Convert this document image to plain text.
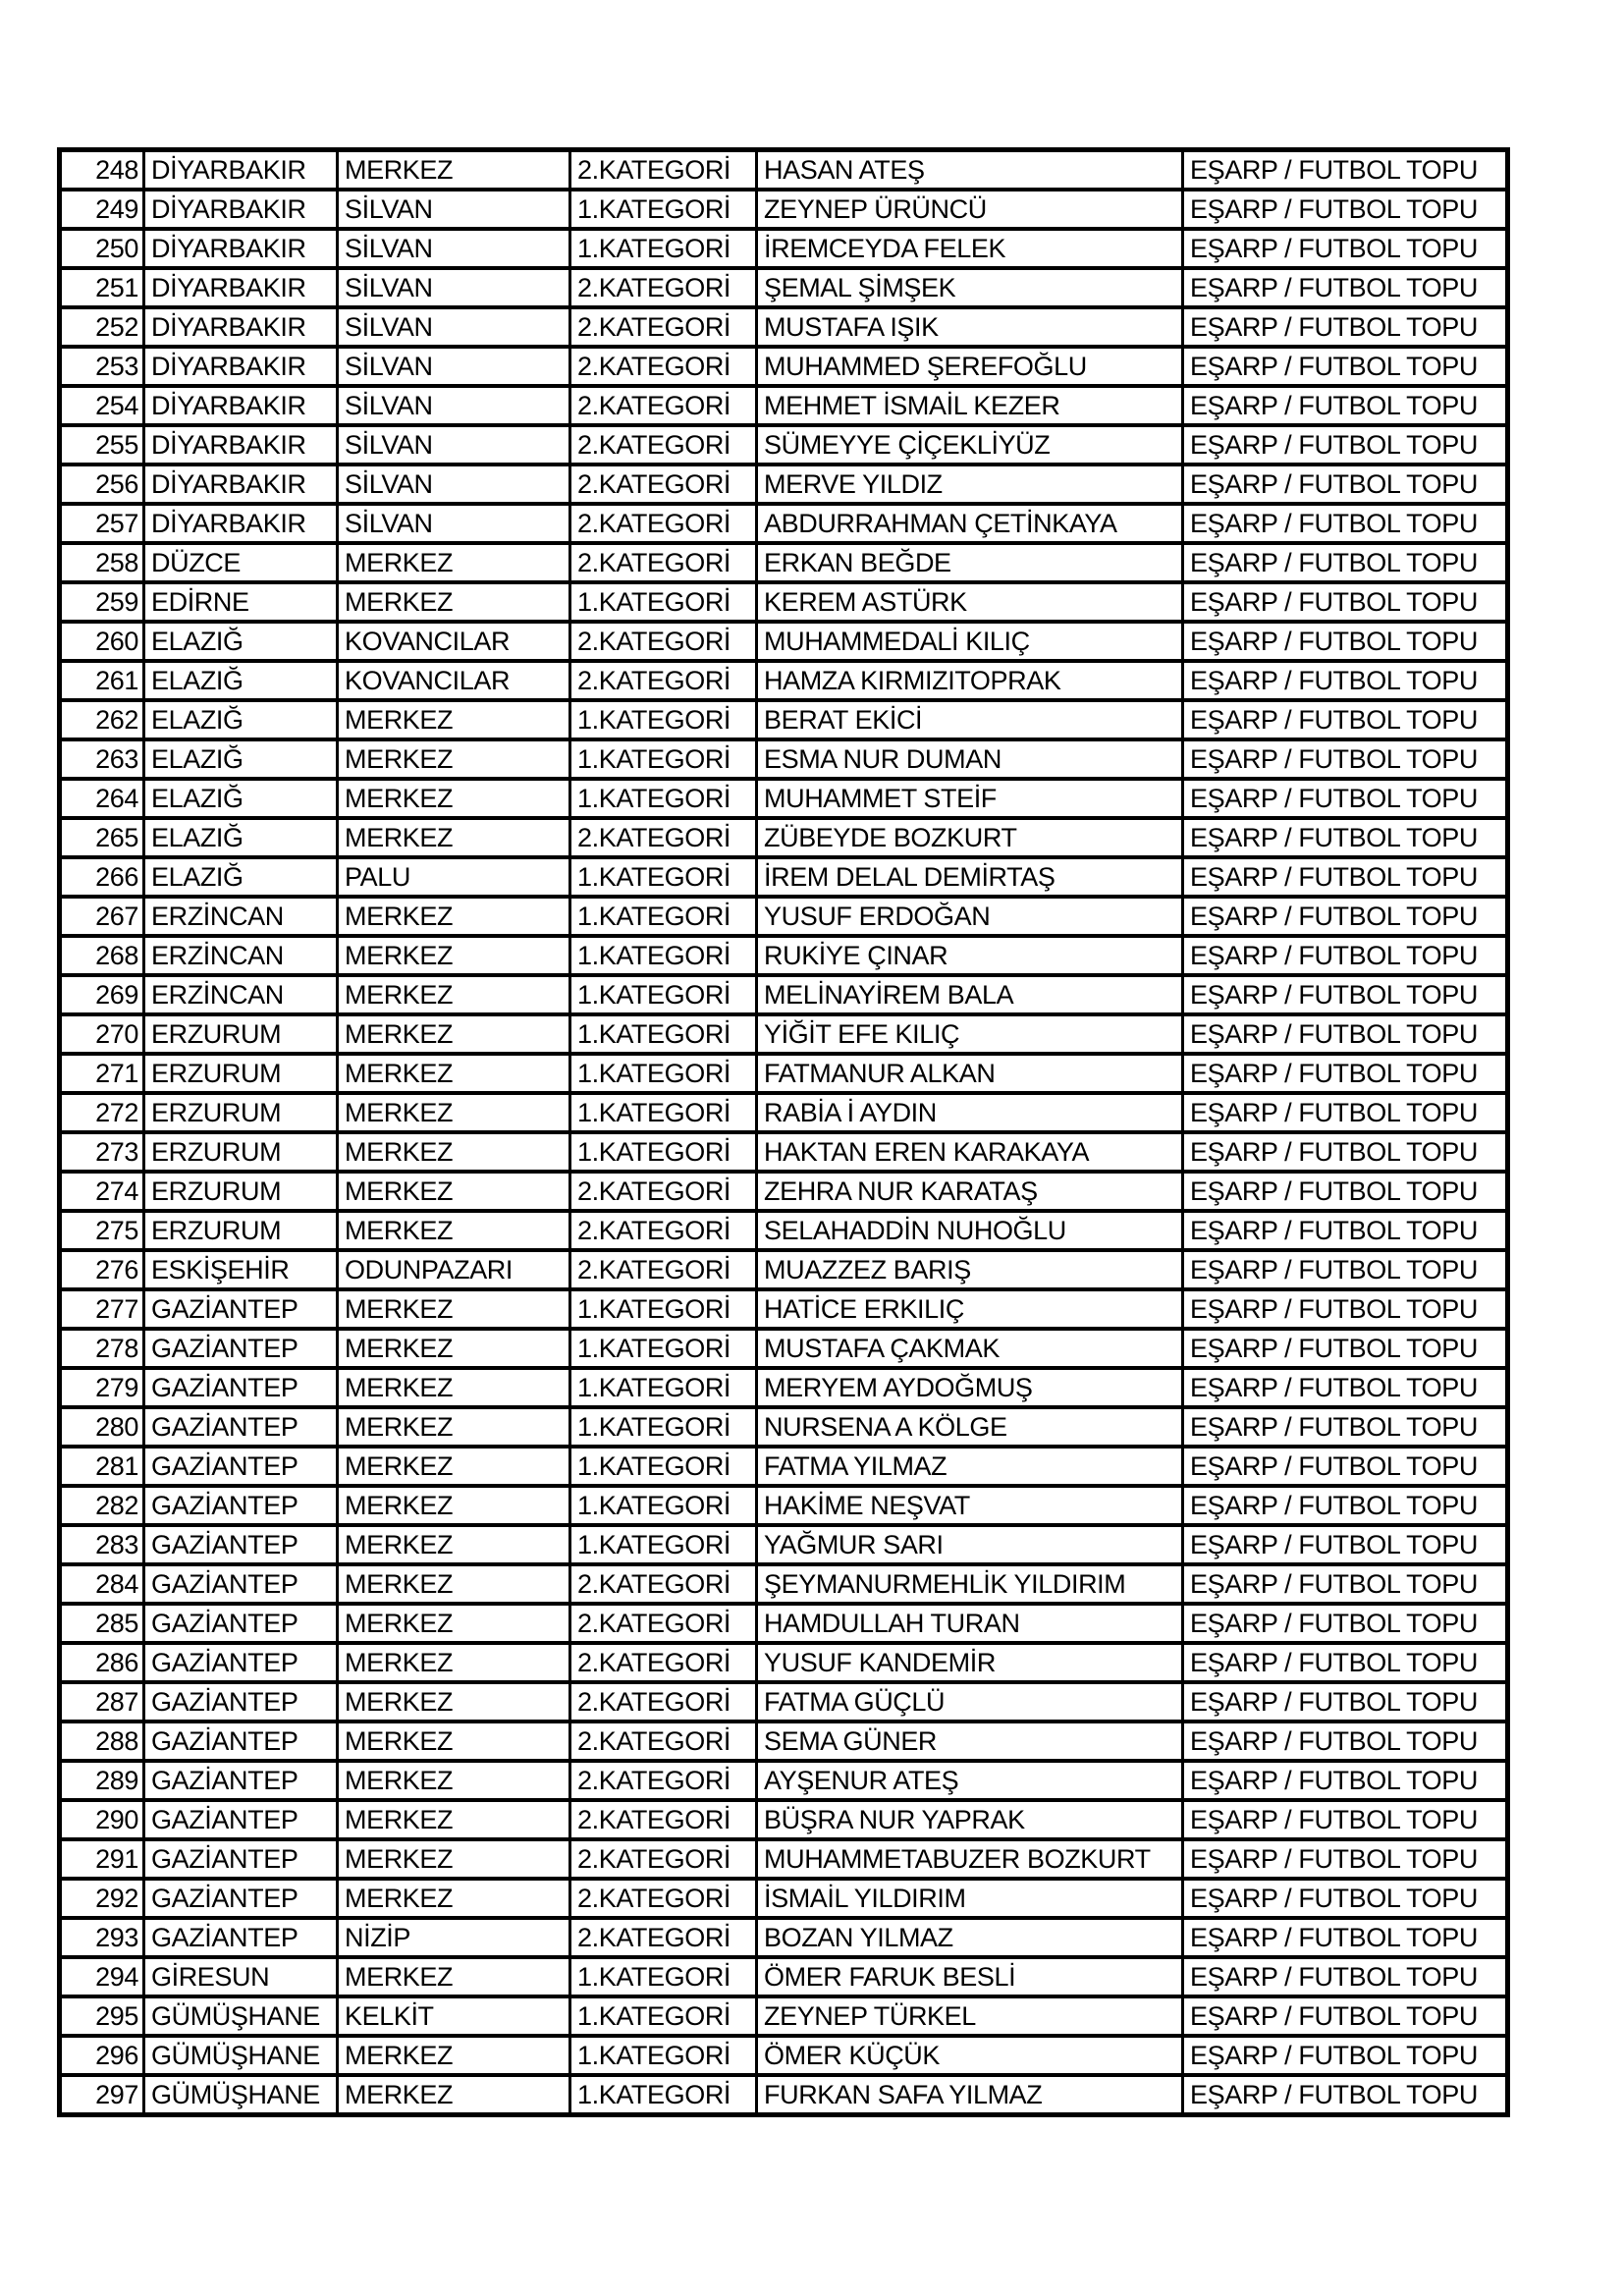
248	DİYARBAKIR	MERKEZ	2.KATEGORİ	HASAN ATEŞ	EŞARP / FUTBOL TOPU
249	DİYARBAKIR	SİLVAN	1.KATEGORİ	ZEYNEP ÜRÜNCÜ	EŞARP / FUTBOL TOPU
250	DİYARBAKIR	SİLVAN	1.KATEGORİ	İREMCEYDA FELEK	EŞARP / FUTBOL TOPU
251	DİYARBAKIR	SİLVAN	2.KATEGORİ	ŞEMAL ŞİMŞEK	EŞARP / FUTBOL TOPU
252	DİYARBAKIR	SİLVAN	2.KATEGORİ	MUSTAFA IŞIK	EŞARP / FUTBOL TOPU
253	DİYARBAKIR	SİLVAN	2.KATEGORİ	MUHAMMED ŞEREFOĞLU	EŞARP / FUTBOL TOPU
254	DİYARBAKIR	SİLVAN	2.KATEGORİ	MEHMET İSMAİL KEZER	EŞARP / FUTBOL TOPU
255	DİYARBAKIR	SİLVAN	2.KATEGORİ	SÜMEYYE ÇİÇEKLİYÜZ	EŞARP / FUTBOL TOPU
256	DİYARBAKIR	SİLVAN	2.KATEGORİ	MERVE YILDIZ	EŞARP / FUTBOL TOPU
257	DİYARBAKIR	SİLVAN	2.KATEGORİ	ABDURRAHMAN ÇETİNKAYA	EŞARP / FUTBOL TOPU
258	DÜZCE	MERKEZ	2.KATEGORİ	ERKAN BEĞDE	EŞARP / FUTBOL TOPU
259	EDİRNE	MERKEZ	1.KATEGORİ	KEREM ASTÜRK	EŞARP / FUTBOL TOPU
260	ELAZIĞ	KOVANCILAR	2.KATEGORİ	MUHAMMEDALİ KILIÇ	EŞARP / FUTBOL TOPU
261	ELAZIĞ	KOVANCILAR	2.KATEGORİ	HAMZA KIRMIZITOPRAK	EŞARP / FUTBOL TOPU
262	ELAZIĞ	MERKEZ	1.KATEGORİ	BERAT EKİCİ	EŞARP / FUTBOL TOPU
263	ELAZIĞ	MERKEZ	1.KATEGORİ	ESMA NUR DUMAN	EŞARP / FUTBOL TOPU
264	ELAZIĞ	MERKEZ	1.KATEGORİ	MUHAMMET STEİF	EŞARP / FUTBOL TOPU
265	ELAZIĞ	MERKEZ	2.KATEGORİ	ZÜBEYDE BOZKURT	EŞARP / FUTBOL TOPU
266	ELAZIĞ	PALU	1.KATEGORİ	İREM DELAL DEMİRTAŞ	EŞARP / FUTBOL TOPU
267	ERZİNCAN	MERKEZ	1.KATEGORİ	YUSUF ERDOĞAN	EŞARP / FUTBOL TOPU
268	ERZİNCAN	MERKEZ	1.KATEGORİ	RUKİYE ÇINAR	EŞARP / FUTBOL TOPU
269	ERZİNCAN	MERKEZ	1.KATEGORİ	MELİNAYİREM BALA	EŞARP / FUTBOL TOPU
270	ERZURUM	MERKEZ	1.KATEGORİ	YİĞİT EFE KILIÇ	EŞARP / FUTBOL TOPU
271	ERZURUM	MERKEZ	1.KATEGORİ	FATMANUR ALKAN	EŞARP / FUTBOL TOPU
272	ERZURUM	MERKEZ	1.KATEGORİ	RABİA İ AYDIN	EŞARP / FUTBOL TOPU
273	ERZURUM	MERKEZ	1.KATEGORİ	HAKTAN EREN KARAKAYA	EŞARP / FUTBOL TOPU
274	ERZURUM	MERKEZ	2.KATEGORİ	ZEHRA NUR KARATAŞ	EŞARP / FUTBOL TOPU
275	ERZURUM	MERKEZ	2.KATEGORİ	SELAHADDİN NUHOĞLU	EŞARP / FUTBOL TOPU
276	ESKİŞEHİR	ODUNPAZARI	2.KATEGORİ	MUAZZEZ BARIŞ	EŞARP / FUTBOL TOPU
277	GAZİANTEP	MERKEZ	1.KATEGORİ	HATİCE ERKILIÇ	EŞARP / FUTBOL TOPU
278	GAZİANTEP	MERKEZ	1.KATEGORİ	MUSTAFA ÇAKMAK	EŞARP / FUTBOL TOPU
279	GAZİANTEP	MERKEZ	1.KATEGORİ	MERYEM AYDOĞMUŞ	EŞARP / FUTBOL TOPU
280	GAZİANTEP	MERKEZ	1.KATEGORİ	NURSENA A KÖLGE	EŞARP / FUTBOL TOPU
281	GAZİANTEP	MERKEZ	1.KATEGORİ	FATMA YILMAZ	EŞARP / FUTBOL TOPU
282	GAZİANTEP	MERKEZ	1.KATEGORİ	HAKİME NEŞVAT	EŞARP / FUTBOL TOPU
283	GAZİANTEP	MERKEZ	1.KATEGORİ	YAĞMUR SARI	EŞARP / FUTBOL TOPU
284	GAZİANTEP	MERKEZ	2.KATEGORİ	ŞEYMANURMEHLİK YILDIRIM	EŞARP / FUTBOL TOPU
285	GAZİANTEP	MERKEZ	2.KATEGORİ	HAMDULLAH TURAN	EŞARP / FUTBOL TOPU
286	GAZİANTEP	MERKEZ	2.KATEGORİ	YUSUF KANDEMİR	EŞARP / FUTBOL TOPU
287	GAZİANTEP	MERKEZ	2.KATEGORİ	FATMA GÜÇLÜ	EŞARP / FUTBOL TOPU
288	GAZİANTEP	MERKEZ	2.KATEGORİ	SEMA GÜNER	EŞARP / FUTBOL TOPU
289	GAZİANTEP	MERKEZ	2.KATEGORİ	AYŞENUR ATEŞ	EŞARP / FUTBOL TOPU
290	GAZİANTEP	MERKEZ	2.KATEGORİ	BÜŞRA NUR YAPRAK	EŞARP / FUTBOL TOPU
291	GAZİANTEP	MERKEZ	2.KATEGORİ	MUHAMMETABUZER BOZKURT	EŞARP / FUTBOL TOPU
292	GAZİANTEP	MERKEZ	2.KATEGORİ	İSMAİL YILDIRIM	EŞARP / FUTBOL TOPU
293	GAZİANTEP	NİZİP	2.KATEGORİ	BOZAN YILMAZ	EŞARP / FUTBOL TOPU
294	GİRESUN	MERKEZ	1.KATEGORİ	ÖMER FARUK BESLİ	EŞARP / FUTBOL TOPU
295	GÜMÜŞHANE	KELKİT	1.KATEGORİ	ZEYNEP TÜRKEL	EŞARP / FUTBOL TOPU
296	GÜMÜŞHANE	MERKEZ	1.KATEGORİ	ÖMER KÜÇÜK	EŞARP / FUTBOL TOPU
297	GÜMÜŞHANE	MERKEZ	1.KATEGORİ	FURKAN SAFA YILMAZ	EŞARP / FUTBOL TOPU
